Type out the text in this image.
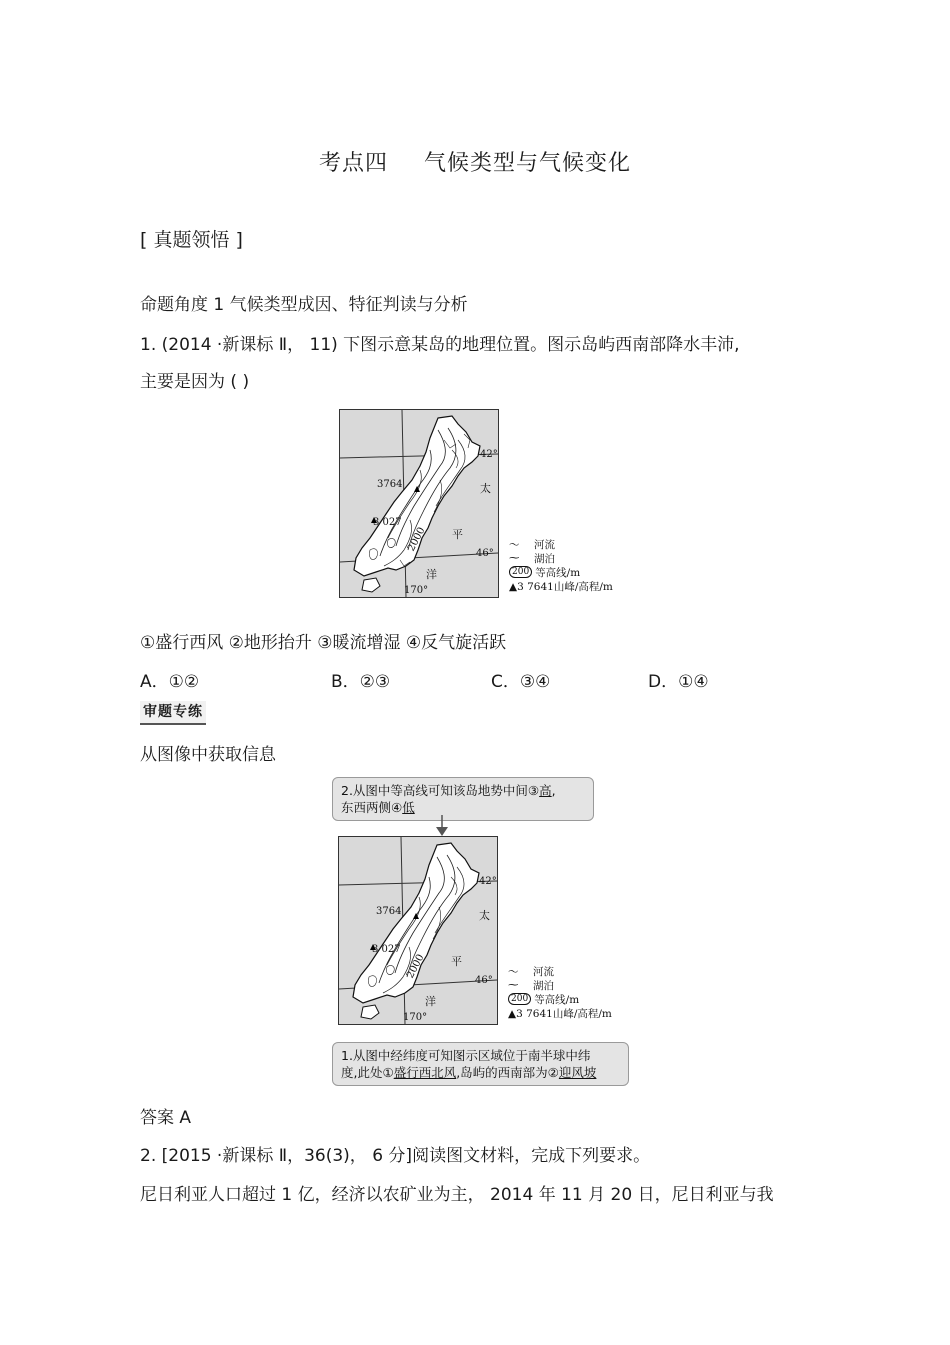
考点四 气候类型与气候变化
[ 真题领悟 ]
命题角度 1 气候类型成因、特征判读与分析
1. (2014 ·新课标 Ⅱ， 11) 下图示意某岛的地理位置。图示岛屿西南部降水丰沛,
主要是因为 ( )
3764
3 027
2000
42°
46°
170°
太
平
洋
〜	河流
⁓	湖泊
200 等高线/m
▲3 7641山峰/高程/m
①盛行西风 ②地形抬升 ③暖流增湿 ④反气旋活跃
A．①②	B．②③	C．③④	D．①④
审题专练
从图像中获取信息
2.从图中等高线可知该岛地势中间③高,
东西两侧④低
3764
3 027
2000
42°
46°
170°
太
平
洋
〜	河流
⁓	湖泊
200 等高线/m
▲3 7641山峰/高程/m
1.从图中经纬度可知图示区域位于南半球中纬
度,此处①盛行西北风,岛屿的西南部为②迎风坡
答案 A
2. [2015 ·新课标 Ⅱ，36(3)， 6 分]阅读图文材料，完成下列要求。
尼日利亚人口超过 1 亿，经济以农矿业为主， 2014 年 11 月 20 日，尼日利亚与我
